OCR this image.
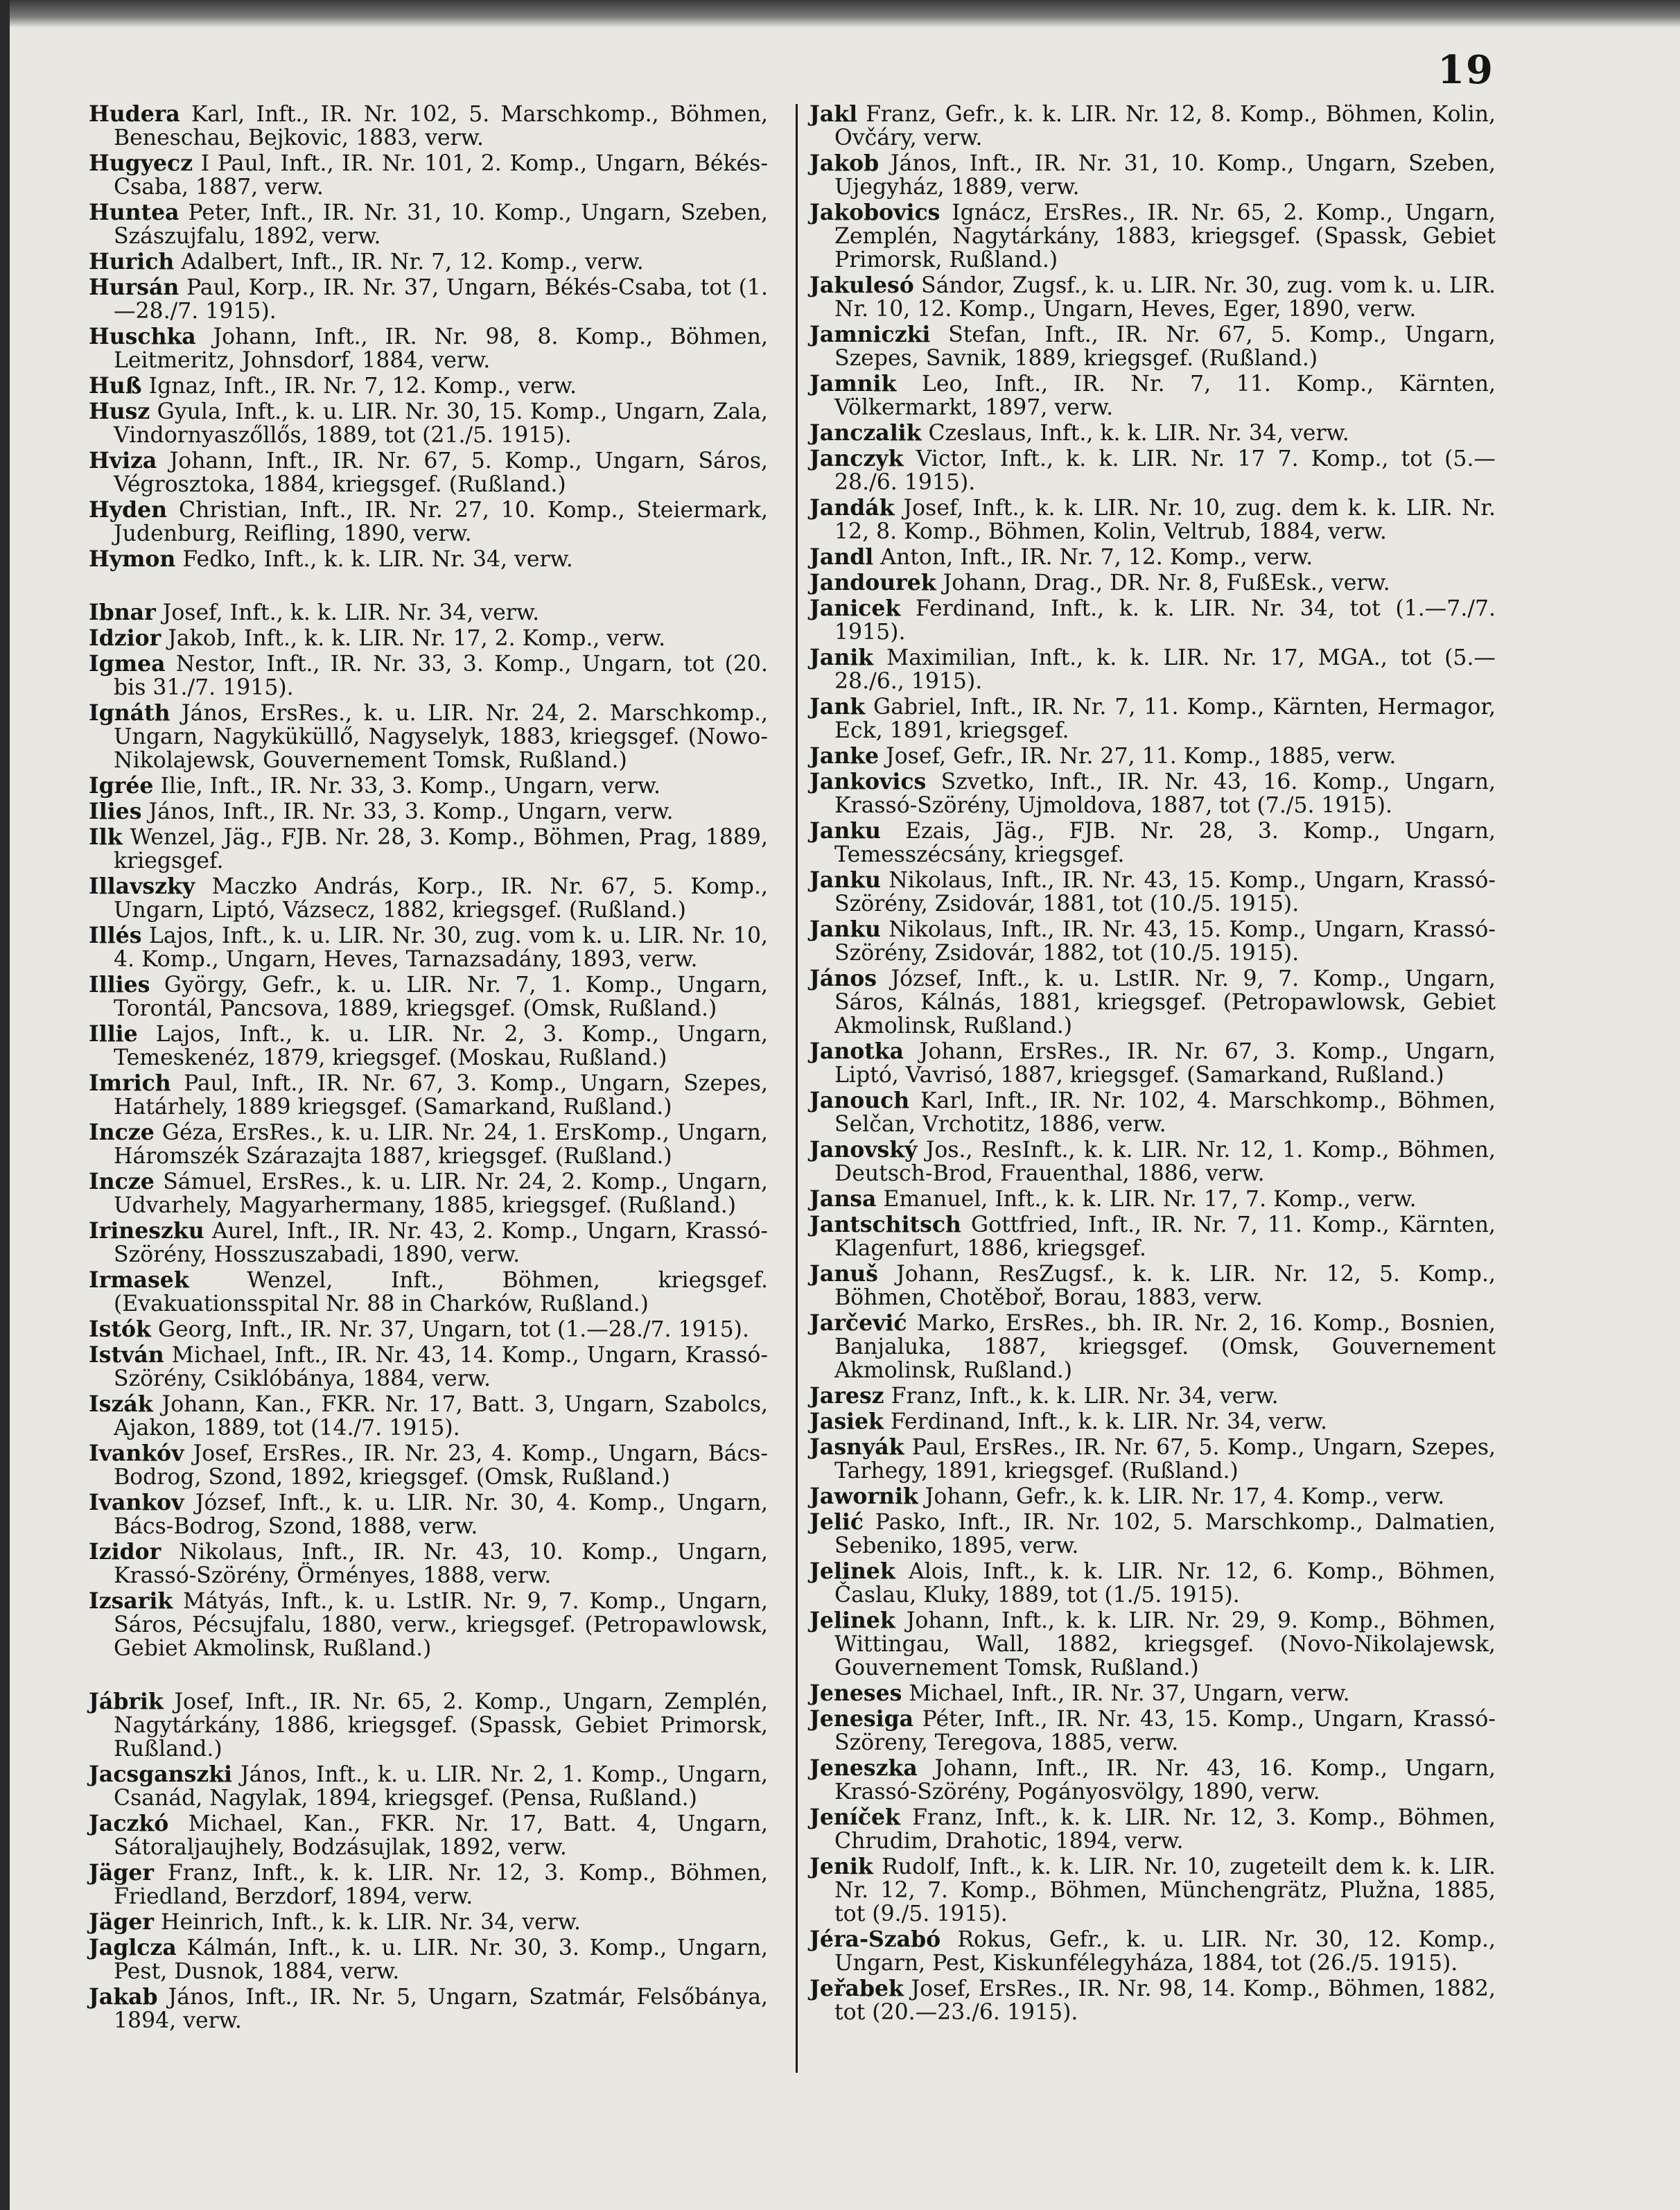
19

Hudera Karl, Inft., IR. Nr. 102, 5. Marschkomp., Böhmen, Beneschau, Bejkovic, 1883, verw.

Hugyecz I Paul, Inft., IR. Nr. 101, 2. Komp., Ungarn, Békés-Csaba, 1887, verw.

Huntea Peter, Inft., IR. Nr. 31, 10. Komp., Ungarn, Szeben, Szászujfalu, 1892, verw.

Hurich Adalbert, Inft., IR. Nr. 7, 12. Komp., verw.

Hursán Paul, Korp., IR. Nr. 37, Ungarn, Békés-Csaba, tot (1.—28./7. 1915).

Huschka Johann, Inft., IR. Nr. 98, 8. Komp., Böhmen, Leitmeritz, Johnsdorf, 1884, verw.

Huß Ignaz, Inft., IR. Nr. 7, 12. Komp., verw.

Husz Gyula, Inft., k. u. LIR. Nr. 30, 15. Komp., Ungarn, Zala, Vindornyaszőllős, 1889, tot (21./5. 1915).

Hviza Johann, Inft., IR. Nr. 67, 5. Komp., Ungarn, Sáros, Végrosztoka, 1884, kriegsgef. (Rußland.)

Hyden Christian, Inft., IR. Nr. 27, 10. Komp., Steiermark, Judenburg, Reifling, 1890, verw.

Hymon Fedko, Inft., k. k. LIR. Nr. 34, verw.

Ibnar Josef, Inft., k. k. LIR. Nr. 34, verw.

Idzior Jakob, Inft., k. k. LIR. Nr. 17, 2. Komp., verw.

Igmea Nestor, Inft., IR. Nr. 33, 3. Komp., Ungarn, tot (20. bis 31./7. 1915).

Ignáth János, ErsRes., k. u. LIR. Nr. 24, 2. Marschkomp., Ungarn, Nagyküküllő, Nagyselyk, 1883, kriegsgef. (Nowo-Nikolajewsk, Gouvernement Tomsk, Rußland.)

Igrée Ilie, Inft., IR. Nr. 33, 3. Komp., Ungarn, verw.

Ilies János, Inft., IR. Nr. 33, 3. Komp., Ungarn, verw.

Ilk Wenzel, Jäg., FJB. Nr. 28, 3. Komp., Böhmen, Prag, 1889, kriegsgef.

Illavszky Maczko András, Korp., IR. Nr. 67, 5. Komp., Ungarn, Liptó, Vázsecz, 1882, kriegsgef. (Rußland.)

Illés Lajos, Inft., k. u. LIR. Nr. 30, zug. vom k. u. LIR. Nr. 10, 4. Komp., Ungarn, Heves, Tarnazsadány, 1893, verw.

Illies György, Gefr., k. u. LIR. Nr. 7, 1. Komp., Ungarn, Torontál, Pancsova, 1889, kriegsgef. (Omsk, Rußland.)

Illie Lajos, Inft., k. u. LIR. Nr. 2, 3. Komp., Ungarn, Temeskenéz, 1879, kriegsgef. (Moskau, Rußland.)

Imrich Paul, Inft., IR. Nr. 67, 3. Komp., Ungarn, Szepes, Határhely, 1889 kriegsgef. (Samarkand, Rußland.)

Incze Géza, ErsRes., k. u. LIR. Nr. 24, 1. ErsKomp., Ungarn, Háromszék Szárazajta 1887, kriegsgef. (Rußland.)

Incze Sámuel, ErsRes., k. u. LIR. Nr. 24, 2. Komp., Ungarn, Udvarhely, Magyarhermany, 1885, kriegsgef. (Rußland.)

Irineszku Aurel, Inft., IR. Nr. 43, 2. Komp., Ungarn, Krassó-Szörény, Hosszuszabadi, 1890, verw.

Irmasek Wenzel, Inft., Böhmen, kriegsgef. (Evakuationsspital Nr. 88 in Charków, Rußland.)

Istók Georg, Inft., IR. Nr. 37, Ungarn, tot (1.—28./7. 1915).

István Michael, Inft., IR. Nr. 43, 14. Komp., Ungarn, Krassó-Szörény, Csiklóbánya, 1884, verw.

Iszák Johann, Kan., FKR. Nr. 17, Batt. 3, Ungarn, Szabolcs, Ajakon, 1889, tot (14./7. 1915).

Ivankóv Josef, ErsRes., IR. Nr. 23, 4. Komp., Ungarn, Bács-Bodrog, Szond, 1892, kriegsgef. (Omsk, Rußland.)

Ivankov József, Inft., k. u. LIR. Nr. 30, 4. Komp., Ungarn, Bács-Bodrog, Szond, 1888, verw.

Izidor Nikolaus, Inft., IR. Nr. 43, 10. Komp., Ungarn, Krassó-Szörény, Örményes, 1888, verw.

Izsarik Mátyás, Inft., k. u. LstIR. Nr. 9, 7. Komp., Ungarn, Sáros, Pécsujfalu, 1880, verw., kriegsgef. (Petropawlowsk, Gebiet Akmolinsk, Rußland.)

Jábrik Josef, Inft., IR. Nr. 65, 2. Komp., Ungarn, Zemplén, Nagytárkány, 1886, kriegsgef. (Spassk, Gebiet Primorsk, Rußland.)

Jacsganszki János, Inft., k. u. LIR. Nr. 2, 1. Komp., Ungarn, Csanád, Nagylak, 1894, kriegsgef. (Pensa, Rußland.)

Jaczkó Michael, Kan., FKR. Nr. 17, Batt. 4, Ungarn, Sátoraljaujhely, Bodzásujlak, 1892, verw.

Jäger Franz, Inft., k. k. LIR. Nr. 12, 3. Komp., Böhmen, Friedland, Berzdorf, 1894, verw.

Jäger Heinrich, Inft., k. k. LIR. Nr. 34, verw.

Jaglcza Kálmán, Inft., k. u. LIR. Nr. 30, 3. Komp., Ungarn, Pest, Dusnok, 1884, verw.

Jakab János, Inft., IR. Nr. 5, Ungarn, Szatmár, Felsőbánya, 1894, verw.

Jakl Franz, Gefr., k. k. LIR. Nr. 12, 8. Komp., Böhmen, Kolin, Ovčáry, verw.

Jakob János, Inft., IR. Nr. 31, 10. Komp., Ungarn, Szeben, Ujegyház, 1889, verw.

Jakobovics Ignácz, ErsRes., IR. Nr. 65, 2. Komp., Ungarn, Zemplén, Nagytárkány, 1883, kriegsgef. (Spassk, Gebiet Primorsk, Rußland.)

Jakulesó Sándor, Zugsf., k. u. LIR. Nr. 30, zug. vom k. u. LIR. Nr. 10, 12. Komp., Ungarn, Heves, Eger, 1890, verw.

Jamniczki Stefan, Inft., IR. Nr. 67, 5. Komp., Ungarn, Szepes, Savnik, 1889, kriegsgef. (Rußland.)

Jamnik Leo, Inft., IR. Nr. 7, 11. Komp., Kärnten, Völkermarkt, 1897, verw.

Janczalik Czeslaus, Inft., k. k. LIR. Nr. 34, verw.

Janczyk Victor, Inft., k. k. LIR. Nr. 17 7. Komp., tot (5.—28./6. 1915).

Jandák Josef, Inft., k. k. LIR. Nr. 10, zug. dem k. k. LIR. Nr. 12, 8. Komp., Böhmen, Kolin, Veltrub, 1884, verw.

Jandl Anton, Inft., IR. Nr. 7, 12. Komp., verw.

Jandourek Johann, Drag., DR. Nr. 8, FußEsk., verw.

Janicek Ferdinand, Inft., k. k. LIR. Nr. 34, tot (1.—7./7. 1915).

Janik Maximilian, Inft., k. k. LIR. Nr. 17, MGA., tot (5.—28./6., 1915).

Jank Gabriel, Inft., IR. Nr. 7, 11. Komp., Kärnten, Hermagor, Eck, 1891, kriegsgef.

Janke Josef, Gefr., IR. Nr. 27, 11. Komp., 1885, verw.

Jankovics Szvetko, Inft., IR. Nr. 43, 16. Komp., Ungarn, Krassó-Szörény, Ujmoldova, 1887, tot (7./5. 1915).

Janku Ezais, Jäg., FJB. Nr. 28, 3. Komp., Ungarn, Temesszécsány, kriegsgef.

Janku Nikolaus, Inft., IR. Nr. 43, 15. Komp., Ungarn, Krassó-Szörény, Zsidovár, 1881, tot (10./5. 1915).

Janku Nikolaus, Inft., IR. Nr. 43, 15. Komp., Ungarn, Krassó-Szörény, Zsidovár, 1882, tot (10./5. 1915).

János József, Inft., k. u. LstIR. Nr. 9, 7. Komp., Ungarn, Sáros, Kálnás, 1881, kriegsgef. (Petropawlowsk, Gebiet Akmolinsk, Rußland.)

Janotka Johann, ErsRes., IR. Nr. 67, 3. Komp., Ungarn, Liptó, Vavrisó, 1887, kriegsgef. (Samarkand, Rußland.)

Janouch Karl, Inft., IR. Nr. 102, 4. Marschkomp., Böhmen, Selčan, Vrchotitz, 1886, verw.

Janovský Jos., ResInft., k. k. LIR. Nr. 12, 1. Komp., Böhmen, Deutsch-Brod, Frauenthal, 1886, verw.

Jansa Emanuel, Inft., k. k. LIR. Nr. 17, 7. Komp., verw.

Jantschitsch Gottfried, Inft., IR. Nr. 7, 11. Komp., Kärnten, Klagenfurt, 1886, kriegsgef.

Januš Johann, ResZugsf., k. k. LIR. Nr. 12, 5. Komp., Böhmen, Chotěboř, Borau, 1883, verw.

Jarčević Marko, ErsRes., bh. IR. Nr. 2, 16. Komp., Bosnien, Banjaluka, 1887, kriegsgef. (Omsk, Gouvernement Akmolinsk, Rußland.)

Jaresz Franz, Inft., k. k. LIR. Nr. 34, verw.

Jasiek Ferdinand, Inft., k. k. LIR. Nr. 34, verw.

Jasnyák Paul, ErsRes., IR. Nr. 67, 5. Komp., Ungarn, Szepes, Tarhegy, 1891, kriegsgef. (Rußland.)

Jawornik Johann, Gefr., k. k. LIR. Nr. 17, 4. Komp., verw.

Jelić Pasko, Inft., IR. Nr. 102, 5. Marschkomp., Dalmatien, Sebeniko, 1895, verw.

Jelinek Alois, Inft., k. k. LIR. Nr. 12, 6. Komp., Böhmen, Časlau, Kluky, 1889, tot (1./5. 1915).

Jelinek Johann, Inft., k. k. LIR. Nr. 29, 9. Komp., Böhmen, Wittingau, Wall, 1882, kriegsgef. (Novo-Nikolajewsk, Gouvernement Tomsk, Rußland.)

Jeneses Michael, Inft., IR. Nr. 37, Ungarn, verw.

Jenesiga Péter, Inft., IR. Nr. 43, 15. Komp., Ungarn, Krassó-Szöreny, Teregova, 1885, verw.

Jeneszka Johann, Inft., IR. Nr. 43, 16. Komp., Ungarn, Krassó-Szörény, Pogányosvölgy, 1890, verw.

Jeníček Franz, Inft., k. k. LIR. Nr. 12, 3. Komp., Böhmen, Chrudim, Drahotic, 1894, verw.

Jenik Rudolf, Inft., k. k. LIR. Nr. 10, zugeteilt dem k. k. LIR. Nr. 12, 7. Komp., Böhmen, Münchengrätz, Plužna, 1885, tot (9./5. 1915).

Jéra-Szabó Rokus, Gefr., k. u. LIR. Nr. 30, 12. Komp., Ungarn, Pest, Kiskunfélegyháza, 1884, tot (26./5. 1915).

Jeřabek Josef, ErsRes., IR. Nr. 98, 14. Komp., Böhmen, 1882, tot (20.—23./6. 1915).
